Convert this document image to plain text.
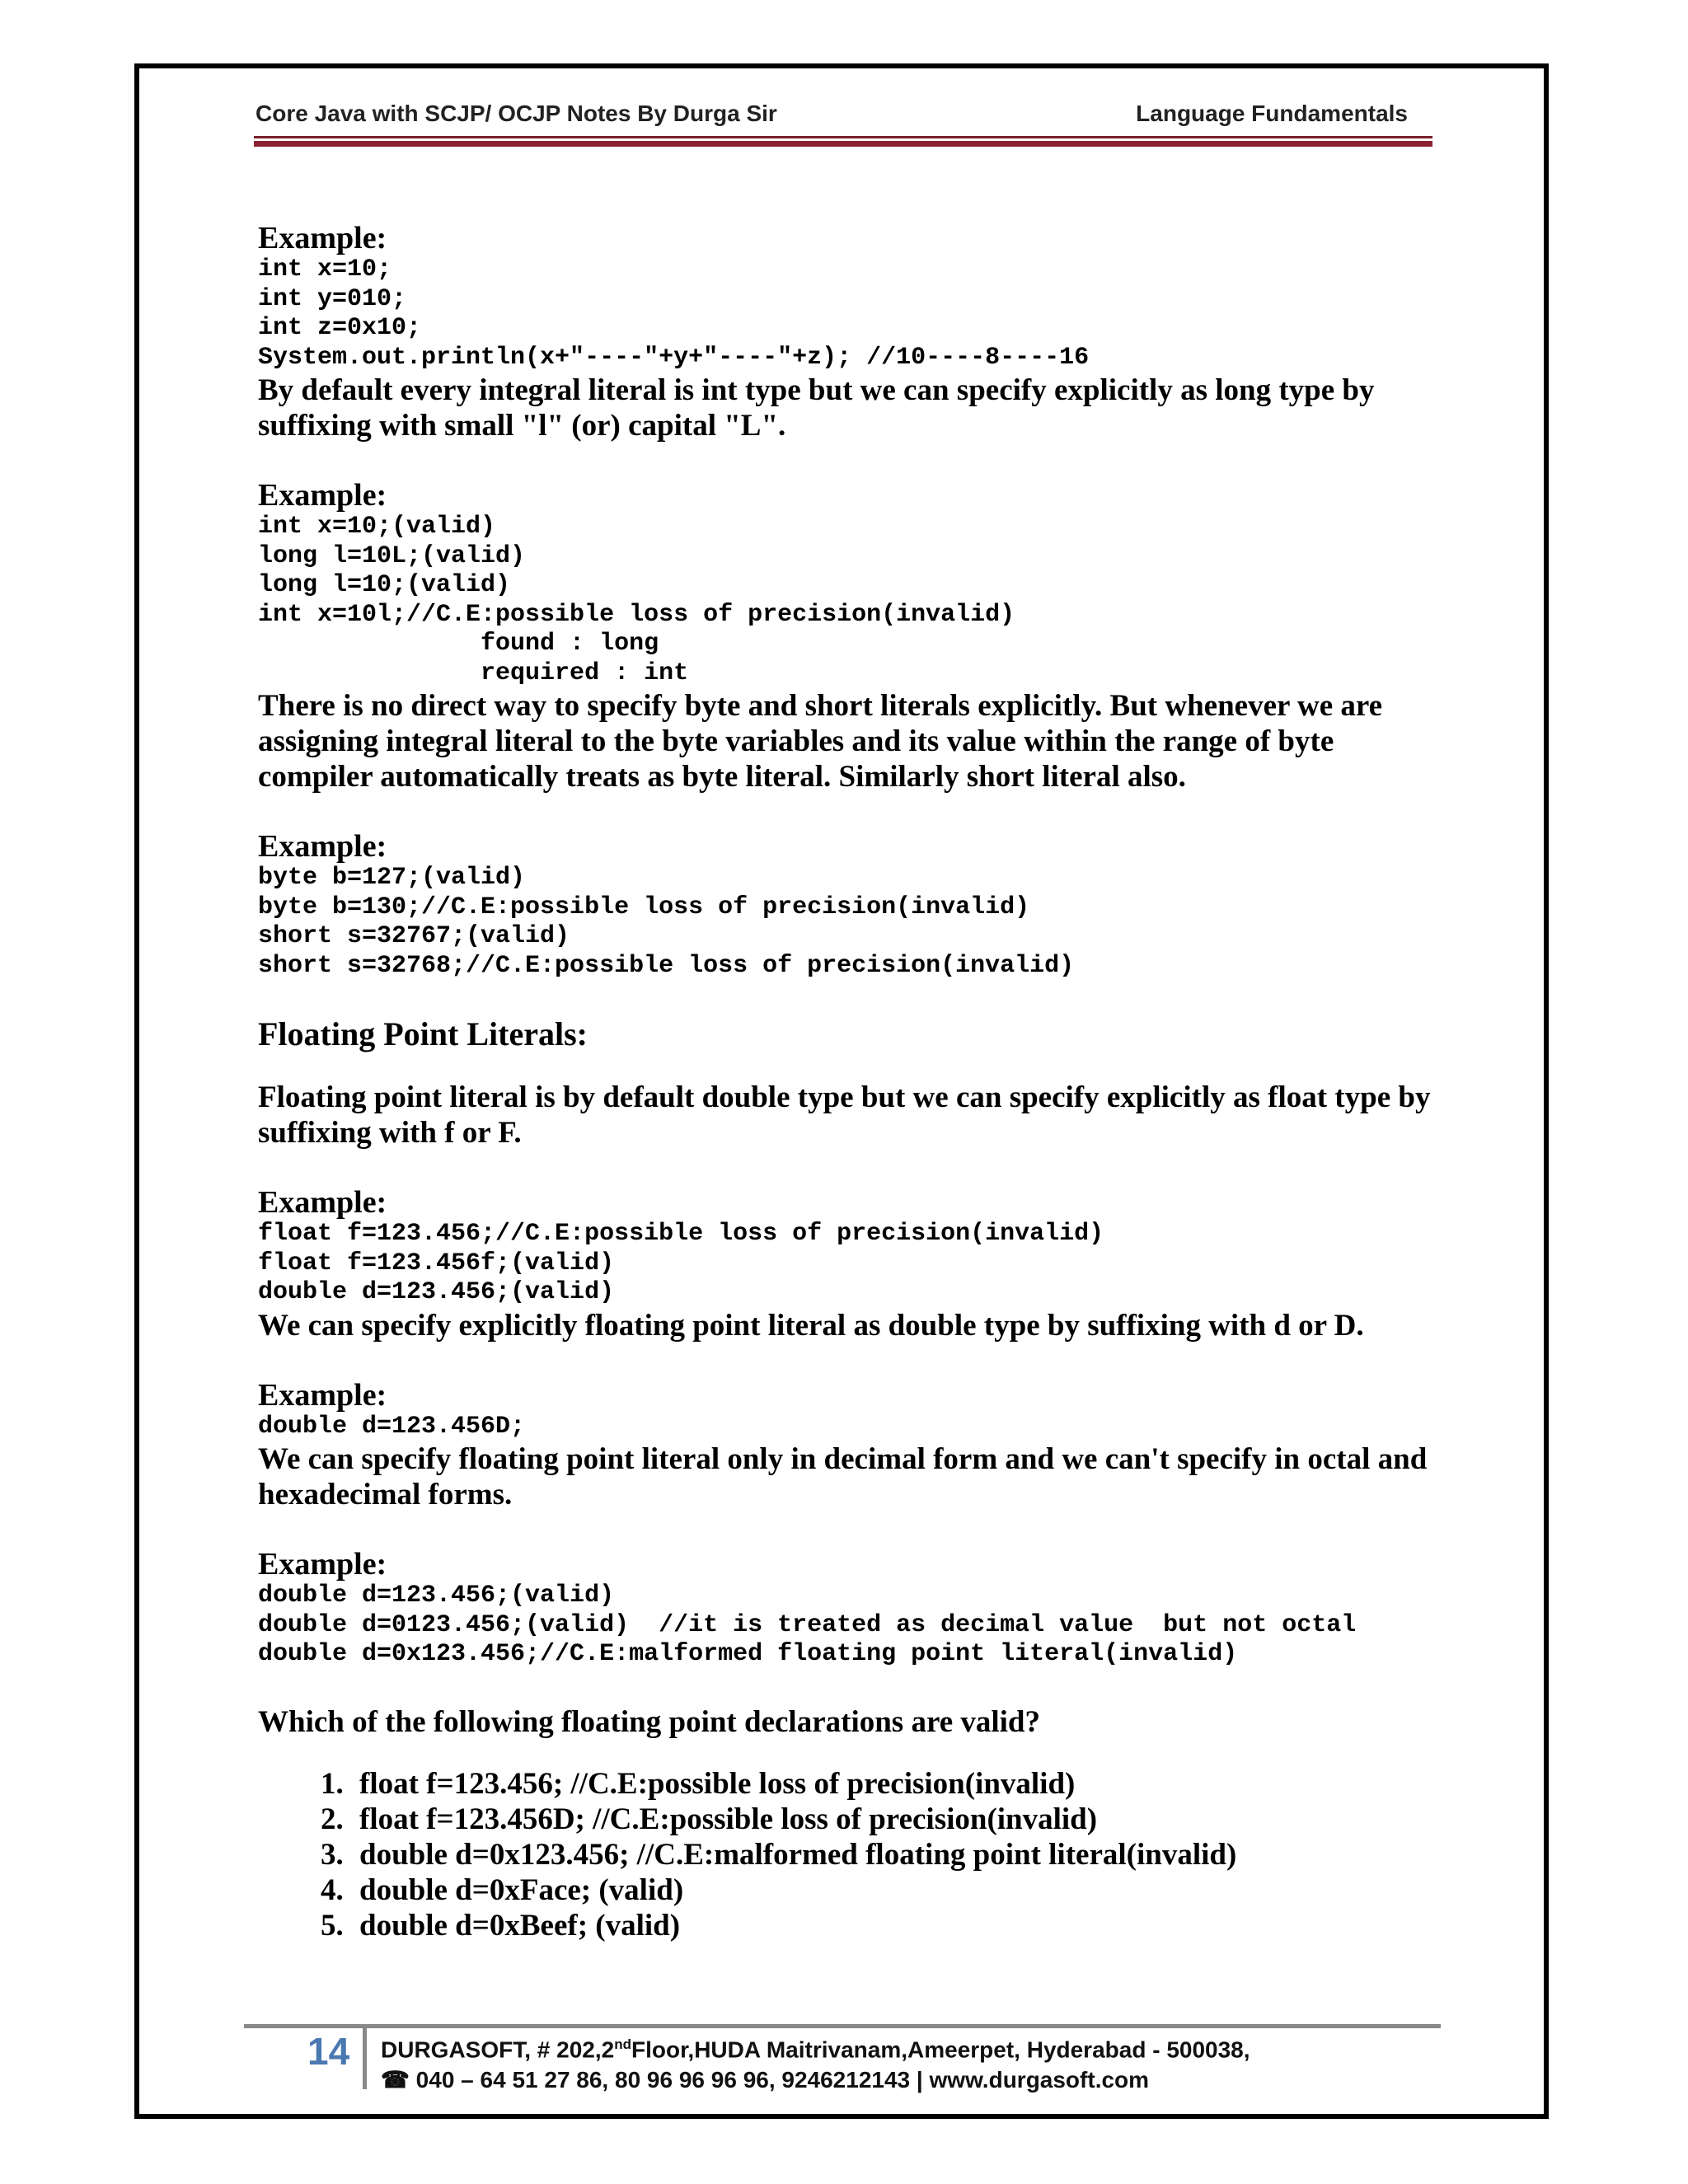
Core Java with SCJP/ OCJP Notes By Durga Sir	Language Fundamentals

Example:

int x=10;
int y=010;
int z=0x10;
System.out.println(x+"----"+y+"----"+z); //10----8----16

By default every integral literal is int type but we can specify explicitly as long type by suffixing with small "l" (or) capital "L".

Example:

int x=10;(valid)
long l=10L;(valid)
long l=10;(valid)
int x=10l;//C.E:possible loss of precision(invalid)
found : long
required : int

There is no direct way to specify byte and short literals explicitly. But whenever we are assigning integral literal to the byte variables and its value within the range of byte compiler automatically treats as byte literal. Similarly short literal also.

Example:

byte b=127;(valid)
byte b=130;//C.E:possible loss of precision(invalid)
short s=32767;(valid)
short s=32768;//C.E:possible loss of precision(invalid)

Floating Point Literals:

Floating point literal is by default double type but we can specify explicitly as float type by suffixing with f or F.

Example:

float f=123.456;//C.E:possible loss of precision(invalid)
float f=123.456f;(valid)
double d=123.456;(valid)

We can specify explicitly floating point literal as double type by suffixing with d or D.

Example:

double d=123.456D;

We can specify floating point literal only in decimal form and we can't specify in octal and hexadecimal forms.

Example:

double d=123.456;(valid)
double d=0123.456;(valid)  //it is treated as decimal value  but not octal
double d=0x123.456;//C.E:malformed floating point literal(invalid)

Which of the following floating point declarations are valid?

1. float f=123.456; //C.E:possible loss of precision(invalid)
2. float f=123.456D; //C.E:possible loss of precision(invalid)
3. double d=0x123.456; //C.E:malformed floating point literal(invalid)
4. double d=0xFace; (valid)
5. double d=0xBeef; (valid)
14 DURGASOFT, # 202,2ndFloor,HUDA Maitrivanam,Ameerpet, Hyderabad - 500038,
☎ 040 – 64 51 27 86, 80 96 96 96 96, 9246212143 | www.durgasoft.com
